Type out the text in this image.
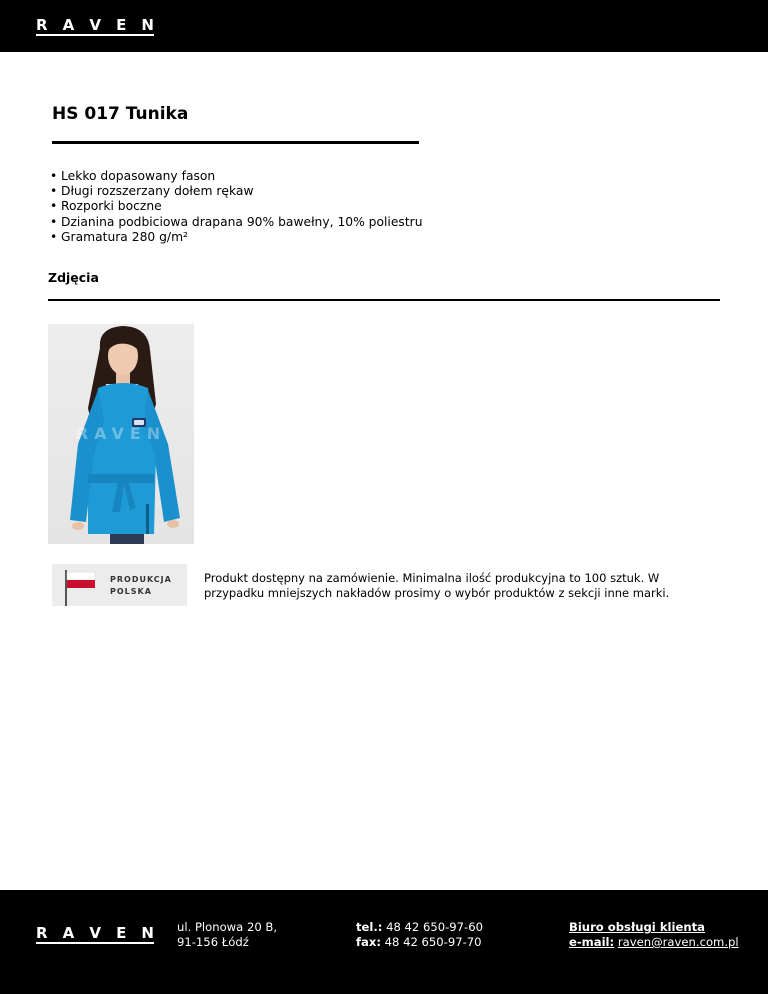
R A V E N
HS 017 Tunika
• Lekko dopasowany fason
• Długi rozszerzany dołem rękaw
• Rozporki boczne
• Dzianina podbiciowa drapana 90% bawełny, 10% poliestru
• Gramatura 280 g/m²
Zdjęcia
RAVEN
PRODUKCJA
POLSKA

Produkt dostępny na zamówienie. Minimalna ilość produkcyjna to 100 sztuk. W przypadku mniejszych nakładów prosimy o wybór produktów z sekcji inne marki.

R A V E N ul. Plonowa 20 B,
91-156 Łódź
tel.: 48 42 650-97-60
fax: 48 42 650-97-70
Biuro obsługi klienta
e-mail: raven@raven.com.pl
